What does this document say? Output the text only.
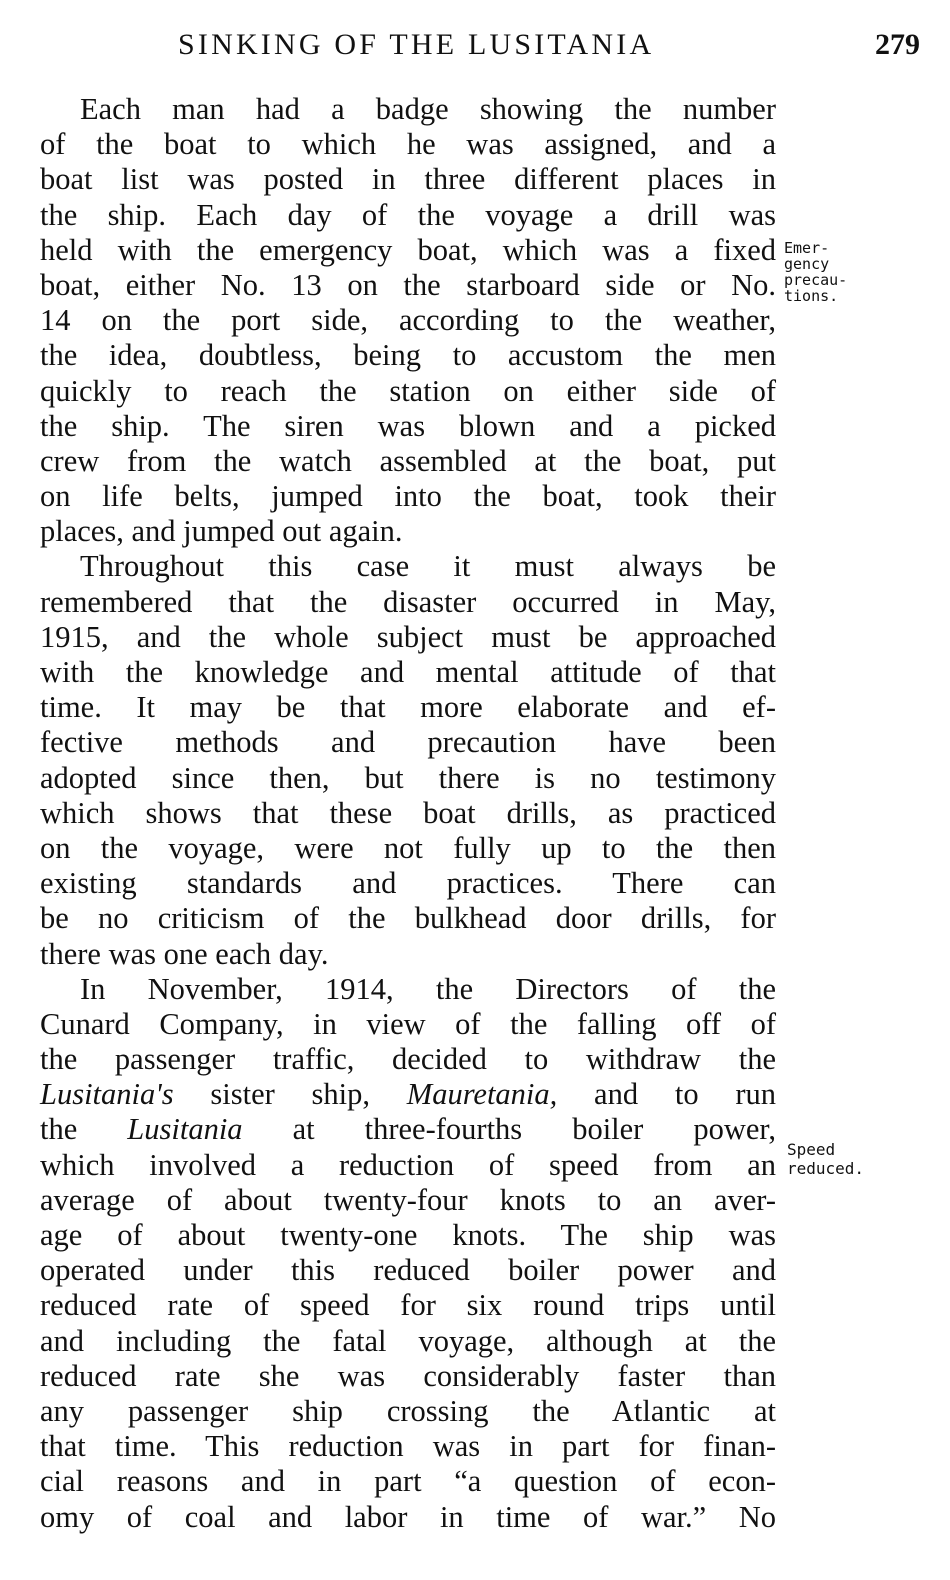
SINKING OF THE LUSITANIA	279
Each man had a badge showing the number
of the boat to which he was assigned, and a
boat list was posted in three different places in
the ship. Each day of the voyage a drill was
held with the emergency boat, which was a fixed
boat, either No. 13 on the starboard side or No.
14 on the port side, according to the weather,
the idea, doubtless, being to accustom the men
quickly to reach the station on either side of
the ship. The siren was blown and a picked
crew from the watch assembled at the boat, put
on life belts, jumped into the boat, took their
places, and jumped out again.
Throughout this case it must always be
remembered that the disaster occurred in May,
1915, and the whole subject must be approached
with the knowledge and mental attitude of that
time. It may be that more elaborate and ef-
fective methods and precaution have been
adopted since then, but there is no testimony
which shows that these boat drills, as practiced
on the voyage, were not fully up to the then
existing standards and practices. There can
be no criticism of the bulkhead door drills, for
there was one each day.
In November, 1914, the Directors of the
Cunard Company, in view of the falling off of
the passenger traffic, decided to withdraw the
Lusitania's sister ship, Mauretania, and to run
the Lusitania at three-fourths boiler power,
which involved a reduction of speed from an
average of about twenty-four knots to an aver-
age of about twenty-one knots. The ship was
operated under this reduced boiler power and
reduced rate of speed for six round trips until
and including the fatal voyage, although at the
reduced rate she was considerably faster than
any passenger ship crossing the Atlantic at
that time. This reduction was in part for finan-
cial reasons and in part “a question of econ-
omy of coal and labor in time of war.” No
Emer-
gency
precau-
tions.
Speed
reduced.
